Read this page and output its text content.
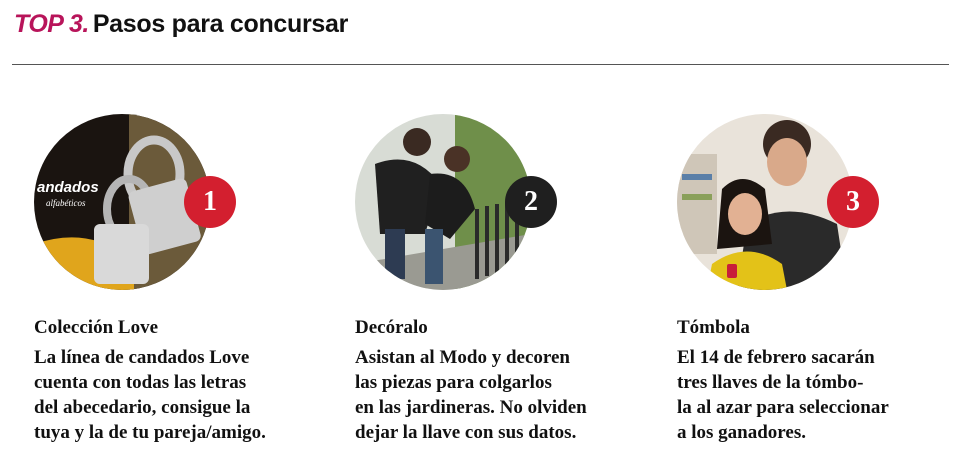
TOP 3. Pasos para concursar
andados
alfabéticos	1
Colección Love
La línea de candados Love
cuenta con todas las letras
del abecedario, consigue la
tuya y la de tu pareja/amigo.
2
Decóralo
Asistan al Modo y decoren
las piezas para colgarlos
en las jardineras. No olviden
dejar la llave con sus datos.
3
Tómbola
El 14 de febrero sacarán
tres llaves de la tómbo-
la al azar para seleccionar
a los ganadores.
